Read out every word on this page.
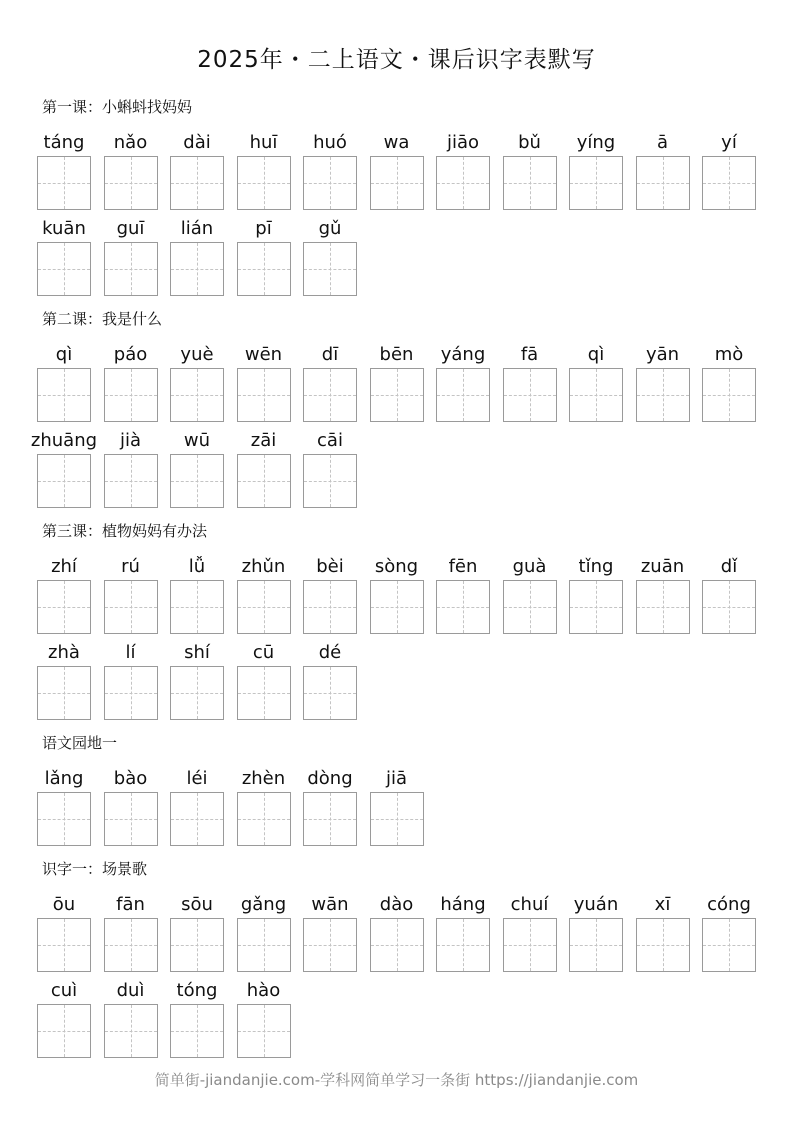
2025年・二上语文・课后识字表默写
第一课：小蝌蚪找妈妈
táng	nǎo	dài	huī	huó	wa	jiāo	bǔ	yíng	ā	yí
kuān	guī	lián	pī	gǔ
第二课：我是什么
qì	páo	yuè	wēn	dī	bēn	yáng	fā	qì	yān	mò
zhuāng	jià	wū	zāi	cāi
第三课：植物妈妈有办法
zhí	rú	lǚ	zhǔn	bèi	sòng	fēn	guà	tǐng	zuān	dǐ
zhà	lí	shí	cū	dé
语文园地一
lǎng	bào	léi	zhèn	dòng	jiā
识字一：场景歌
ōu	fān	sōu	gǎng	wān	dào	háng	chuí	yuán	xī	cóng
cuì	duì	tóng	hào
简单街-jiandanjie.com-学科网简单学习一条街 https://jiandanjie.com
